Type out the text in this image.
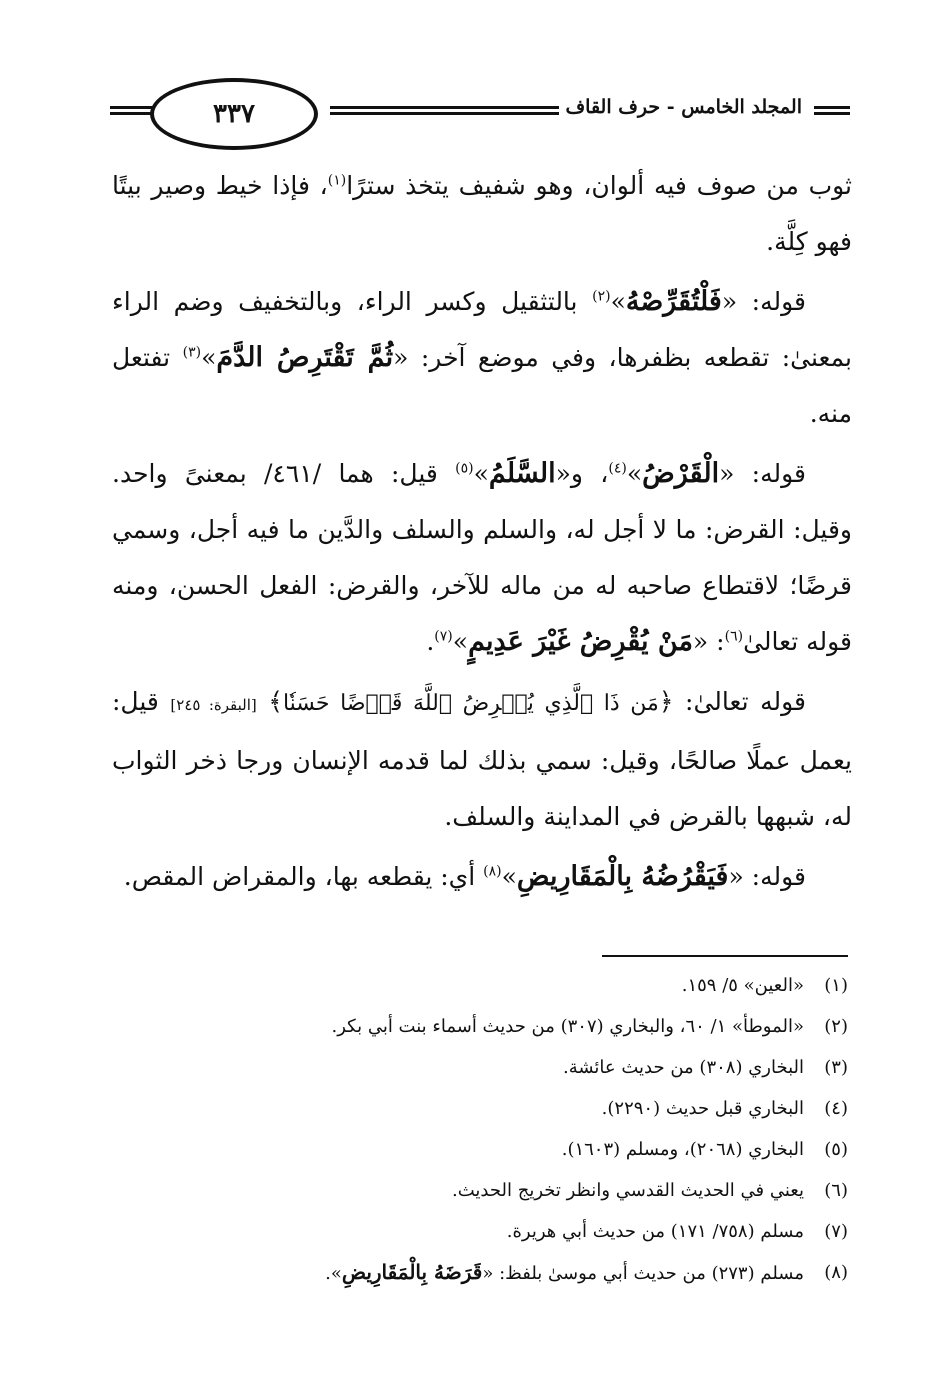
٣٣٧	المجلد الخامس - حرف القاف

ثوب من صوف فيه ألوان، وهو شفيف يتخذ سترًا$^{(١)}$، فإذا خيط وصير بيتًا فهو كِلَّة.

قوله: «فَلْتُقَرِّصْهُ»$^{(٢)}$ بالتثقيل وكسر الراء، وبالتخفيف وضم الراء بمعنىٰ: تقطعه بظفرها، وفي موضع آخر: «ثُمَّ تَقْتَرِصُ الدَّمَ»$^{(٣)}$ تفتعل منه.

قوله: «الْقَرْضُ»$^{(٤)}$، و«السَّلَمُ»$^{(٥)}$ قيل: هما /٤٦١/ بمعنىً واحد. وقيل: القرض: ما لا أجل له، والسلم والسلف والدَّين ما فيه أجل، وسمي قرضًا؛ لاقتطاع صاحبه له من ماله للآخر، والقرض: الفعل الحسن، ومنه قوله تعالىٰ$^{(٦)}$: «مَنْ يُقْرِضُ غَيْرَ عَدِيمٍ»$^{(٧)}$.

قوله تعالىٰ: ﴿مَن ذَا ٱلَّذِي يُقۡرِضُ ٱللَّهَ قَرۡضًا حَسَنٗا﴾ [البقرة: ٢٤٥] قيل: يعمل عملًا صالحًا، وقيل: سمي بذلك لما قدمه الإنسان ورجا ذخر الثواب له، شبهها بالقرض في المداينة والسلف.

قوله: «فَيَقْرُضُهُ بِالْمَقَارِيضِ»$^{(٨)}$ أي: يقطعه بها، والمقراض المقص.

(١)
«العين» ٥/ ١٥٩.
(٢)
«الموطأ» ١/ ٦٠، والبخاري (٣٠٧) من حديث أسماء بنت أبي بكر.
(٣)
البخاري (٣٠٨) من حديث عائشة.
(٤)
البخاري قبل حديث (٢٢٩٠).
(٥)
البخاري (٢٠٦٨)، ومسلم (١٦٠٣).
(٦)
يعني في الحديث القدسي وانظر تخريج الحديث.
(٧)
مسلم (٧٥٨/ ١٧١) من حديث أبي هريرة.
(٨)
مسلم (٢٧٣) من حديث أبي موسىٰ بلفظ: «قَرَضَهُ بِالْمَقَارِيضِ».
